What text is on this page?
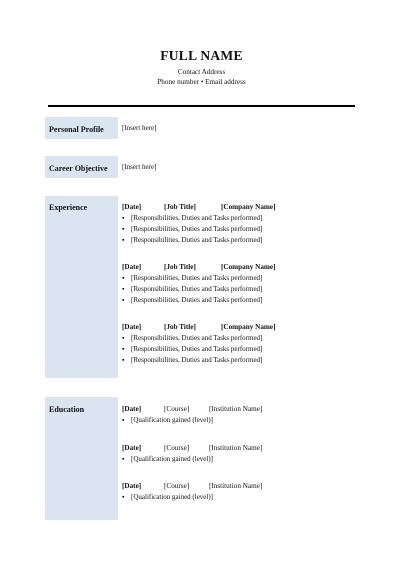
FULL NAME
Contact Address
Phone number • Email address
Personal Profile	[Insert here]
Career Objective [Insert here]
Experience	[Date]	[Job Title]	[Company Name]
▪ [Responsibilities, Duties and Tasks performed]
▪ [Responsibilities, Duties and Tasks performed]
▪ [Responsibilities, Duties and Tasks performed]
[Date]	[Job Title]	[Company Name]
▪ [Responsibilities, Duties and Tasks performed]
▪ [Responsibilities, Duties and Tasks performed]
▪ [Responsibilities, Duties and Tasks performed]
[Date]	[Job Title]	[Company Name]
▪ [Responsibilities, Duties and Tasks performed]
▪ [Responsibilities, Duties and Tasks performed]
▪ [Responsibilities, Duties and Tasks performed]
Education	[Date]	[Course]	[Institution Name]
▪ [Qualification gained (level)]
[Date]	[Course]	[Institution Name]
▪ [Qualification gained (level)]
[Date]	[Course]	[Institution Name]
▪ [Qualification gained (level)]
